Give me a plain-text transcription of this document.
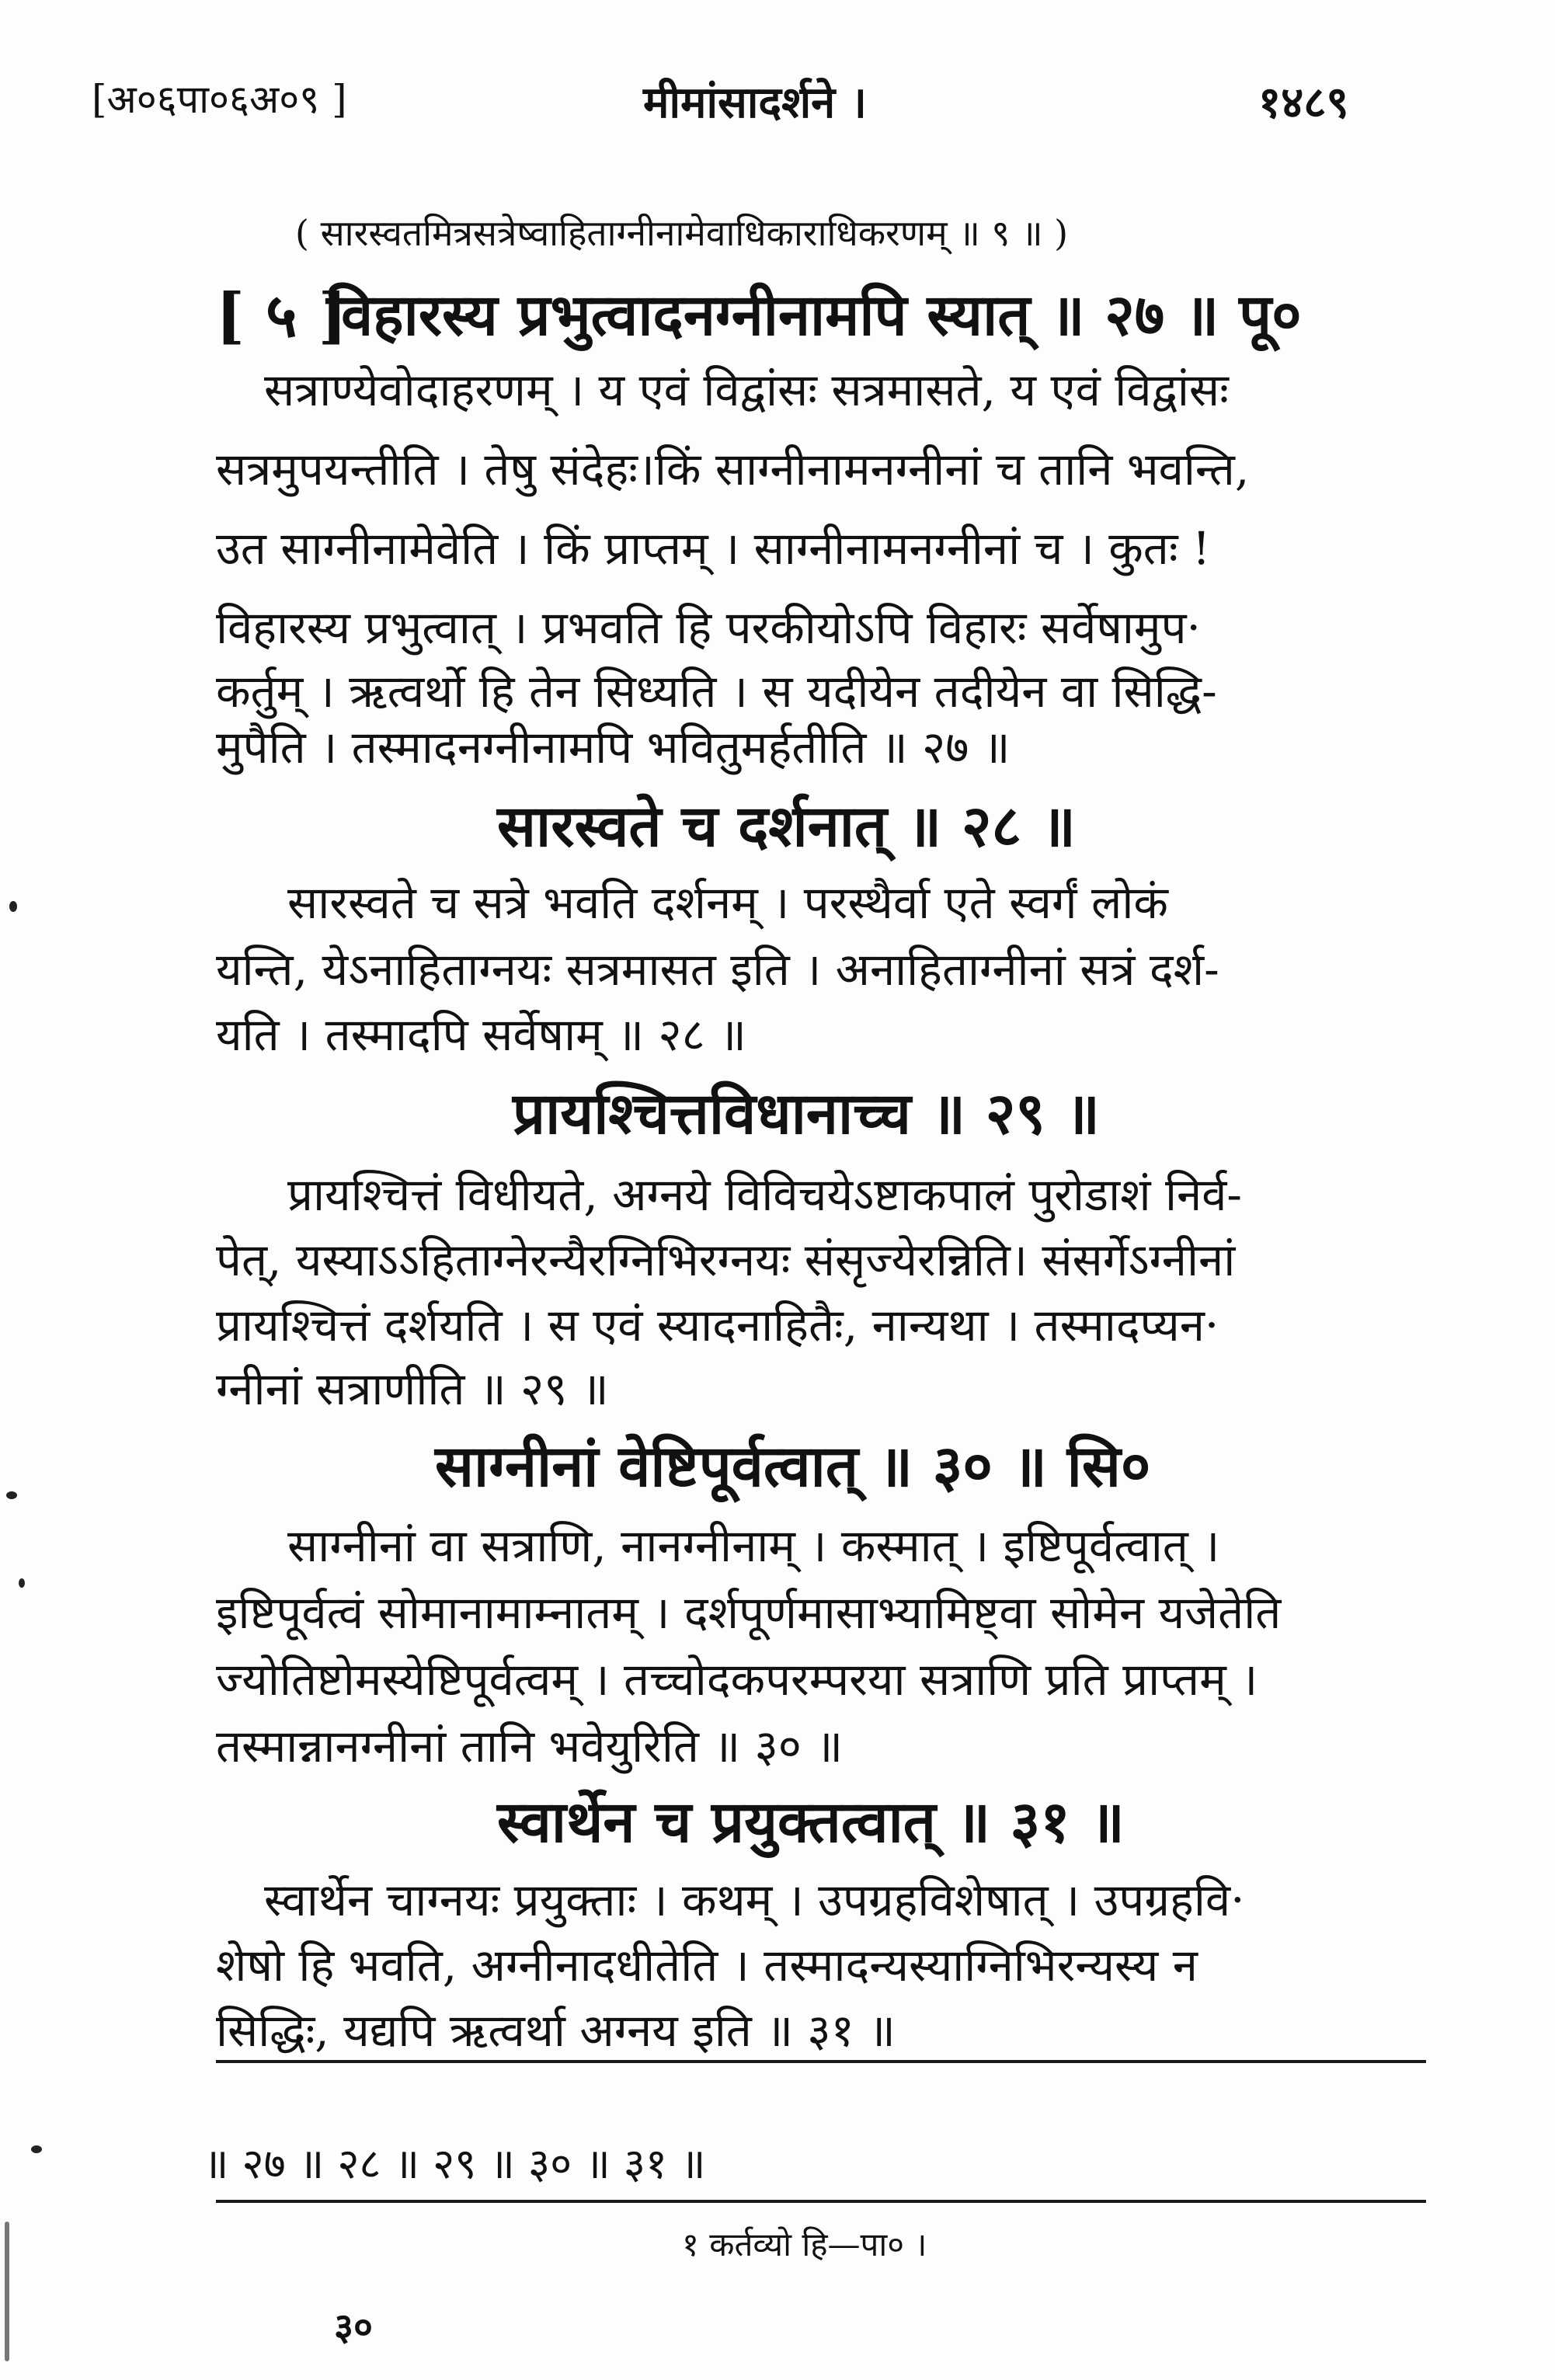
[अ०६पा०६अ०९ ]	मीमांसादर्शने ।	१४८९
( सारस्वतमित्रसत्रेष्वाहिताग्नीनामेवाधिकाराधिकरणम् ॥ ९ ॥ )
[ ५ ]
विहारस्य प्रभुत्वादनग्नीनामपि स्यात् ॥ २७ ॥ पू०
सत्राण्येवोदाहरणम् । य एवं विद्वांसः सत्रमासते, य एवं विद्वांसः
सत्रमुपयन्तीति । तेषु संदेहः।किं साग्नीनामनग्नीनां च तानि भवन्ति,
उत साग्नीनामेवेति । किं प्राप्तम् । साग्नीनामनग्नीनां च । कुतः !
विहारस्य प्रभुत्वात् । प्रभवति हि परकीयोऽपि विहारः सर्वेषामुप·
कर्तुम् । ऋत्वर्थो हि तेन सिध्यति । स यदीयेन तदीयेन वा सिद्धि-
मुपैति । तस्मादनग्नीनामपि भवितुमर्हतीति ॥ २७ ॥
सारस्वते च दर्शनात् ॥ २८ ॥
सारस्वते च सत्रे भवति दर्शनम् । परस्थैर्वा एते स्वर्गं लोकं
यन्ति, येऽनाहिताग्नयः सत्रमासत इति । अनाहिताग्नीनां सत्रं दर्श-
यति । तस्मादपि सर्वेषाम् ॥ २८ ॥
प्रायश्चित्तविधानाच्च ॥ २९ ॥
प्रायश्चित्तं विधीयते, अग्नये विविचयेऽष्टाकपालं पुरोडाशं निर्व-
पेत्, यस्याऽऽहिताग्नेरन्यैरग्निभिरग्नयः संसृज्येरन्निति। संसर्गेऽग्नीनां
प्रायश्चित्तं दर्शयति । स एवं स्यादनाहितैः, नान्यथा । तस्मादप्यन·
ग्नीनां सत्राणीति ॥ २९ ॥
साग्नीनां वेष्टिपूर्वत्वात् ॥ ३० ॥ सि०
साग्नीनां वा सत्राणि, नानग्नीनाम् । कस्मात् । इष्टिपूर्वत्वात् ।
इष्टिपूर्वत्वं सोमानामाम्नातम् । दर्शपूर्णमासाभ्यामिष्ट्वा सोमेन यजेतेति
ज्योतिष्टोमस्येष्टिपूर्वत्वम् । तच्चोदकपरम्परया सत्राणि प्रति प्राप्तम् ।
तस्मान्नानग्नीनां तानि भवेयुरिति ॥ ३० ॥
स्वार्थेन च प्रयुक्तत्वात् ॥ ३१ ॥
स्वार्थेन चाग्नयः प्रयुक्ताः । कथम् । उपग्रहविशेषात् । उपग्रहवि·
शेषो हि भवति, अग्नीनादधीतेति । तस्मादन्यस्याग्निभिरन्यस्य न
सिद्धिः, यद्यपि ऋत्वर्था अग्नय इति ॥ ३१ ॥
॥ २७ ॥ २८ ॥ २९ ॥ ३० ॥ ३१ ॥
१ कर्तव्यो हि—पा० ।
३०
